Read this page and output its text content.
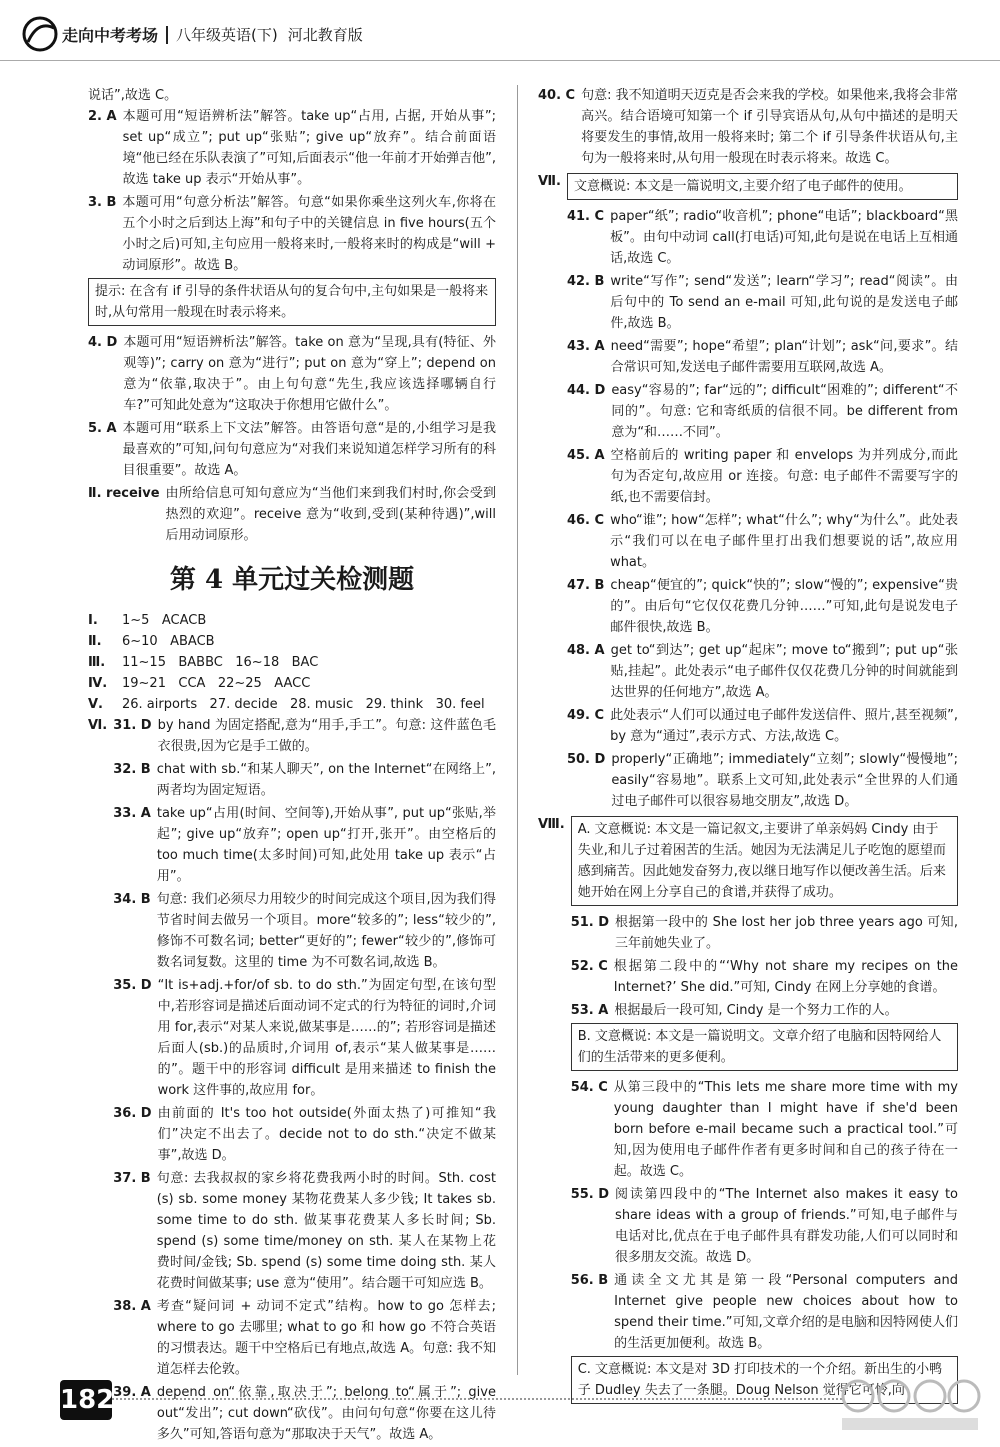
走向中考考场 八年级英语(下) 河北教育版
说话”,故选 C。
2. A 本题可用“短语辨析法”解答。take up“占用, 占据, 开始从事”; set up“成立”; put up“张贴”; give up“放弃”。结合前面语境“他已经在乐队表演了”可知,后面表示“他一年前才开始弹吉他”,故选 take up 表示“开始从事”。
3. B 本题可用“句意分析法”解答。句意“如果你乘坐这列火车,你将在五个小时之后到达上海”和句子中的关键信息 in five hours(五个小时之后)可知,主句应用一般将来时,一般将来时的构成是“will + 动词原形”。故选 B。
提示: 在含有 if 引导的条件状语从句的复合句中,主句如果是一般将来时,从句常用一般现在时表示将来。
4. D 本题可用“短语辨析法”解答。take on 意为“呈现,具有(特征、外观等)”; carry on 意为“进行”; put on 意为“穿上”; depend on 意为“依靠,取决于”。由上句句意“先生,我应该选择哪辆自行车?”可知此处意为“这取决于你想用它做什么”。
5. A 本题可用“联系上下文法”解答。由答语句意“是的,小组学习是我最喜欢的”可知,问句句意应为“对我们来说知道怎样学习所有的科目很重要”。故选 A。
Ⅱ. receive 由所给信息可知句意应为“当他们来到我们村时,你会受到热烈的欢迎”。receive 意为“收到,受到(某种待遇)”,will 后用动词原形。
第 4 单元过关检测题
Ⅰ.	1~5   ACACB
Ⅱ.	6~10   ABACB
Ⅲ.	11~15   BABBC   16~18   BAC
Ⅳ.	19~21   CCA   22~25   AACC
Ⅴ.	26. airports   27. decide   28. music   29. think   30. feel
Ⅵ. 31. D by hand 为固定搭配,意为“用手,手工”。句意: 这件蓝色毛衣很贵,因为它是手工做的。
32. B chat with sb.“和某人聊天”, on the Internet“在网络上”,两者均为固定短语。
33. A take up“占用(时间、空间等),开始从事”, put up“张贴,举起”; give up“放弃”; open up“打开,张开”。由空格后的 too much time(太多时间)可知,此处用 take up 表示“占用”。
34. B 句意: 我们必须尽力用较少的时间完成这个项目,因为我们得节省时间去做另一个项目。more“较多的”; less“较少的”,修饰不可数名词; better“更好的”; fewer“较少的”,修饰可数名词复数。这里的 time 为不可数名词,故选 B。
35. D “It is+adj.+for/of sb. to do sth.”为固定句型,在该句型中,若形容词是描述后面动词不定式的行为特征的词时,介词用 for,表示“对某人来说,做某事是……的”; 若形容词是描述后面人(sb.)的品质时,介词用 of,表示“某人做某事是……的”。题干中的形容词 difficult 是用来描述 to finish the work 这件事的,故应用 for。
36. D 由前面的 It's too hot outside(外面太热了)可推知“我们”决定不出去了。decide not to do sth.“决定不做某事”,故选 D。
37. B 句意: 去我叔叔的家乡将花费我两小时的时间。Sth. cost (s) sb. some money 某物花费某人多少钱; It takes sb. some time to do sth. 做某事花费某人多长时间; Sb. spend (s) some time/money on sth. 某人在某物上花费时间/金钱; Sb. spend (s) some time doing sth. 某人花费时间做某事; use 意为“使用”。结合题干可知应选 B。
38. A 考查“疑问词 + 动词不定式”结构。how to go 怎样去; where to go 去哪里; what to go 和 how go 不符合英语的习惯表达。题干中空格后已有地点,故选 A。句意: 我不知道怎样去伦敦。
39. A depend on“依靠,取决于”; belong to“属于”; give out“发出”; cut down“砍伐”。由问句句意“你要在这儿待多久”可知,答语句意为“那取决于天气”。故选 A。
40. C 句意: 我不知道明天迈克是否会来我的学校。如果他来,我将会非常高兴。结合语境可知第一个 if 引导宾语从句,从句中描述的是明天将要发生的事情,故用一般将来时; 第二个 if 引导条件状语从句,主句为一般将来时,从句用一般现在时表示将来。故选 C。
Ⅶ.	文意概说: 本文是一篇说明文,主要介绍了电子邮件的使用。
41. C paper“纸”; radio“收音机”; phone“电话”; blackboard“黑板”。由句中动词 call(打电话)可知,此句是说在电话上互相通话,故选 C。
42. B write“写作”; send“发送”; learn“学习”; read“阅读”。由后句中的 To send an e-mail 可知,此句说的是发送电子邮件,故选 B。
43. A need“需要”; hope“希望”; plan“计划”; ask“问,要求”。结合常识可知,发送电子邮件需要用互联网,故选 A。
44. D easy“容易的”; far“远的”; difficult“困难的”; different“不同的”。句意: 它和寄纸质的信很不同。be different from 意为“和……不同”。
45. A 空格前后的 writing paper 和 envelops 为并列成分,而此句为否定句,故应用 or 连接。句意: 电子邮件不需要写字的纸,也不需要信封。
46. C who“谁”; how“怎样”; what“什么”; why“为什么”。此处表示“我们可以在电子邮件里打出我们想要说的话”,故应用 what。
47. B cheap“便宜的”; quick“快的”; slow“慢的”; expensive“贵的”。由后句“它仅仅花费几分钟……”可知,此句是说发电子邮件很快,故选 B。
48. A get to“到达”; get up“起床”; move to“搬到”; put up“张贴,挂起”。此处表示“电子邮件仅仅花费几分钟的时间就能到达世界的任何地方”,故选 A。
49. C 此处表示“人们可以通过电子邮件发送信件、照片,甚至视频”, by 意为“通过”,表示方式、方法,故选 C。
50. D properly“正确地”; immediately“立刻”; slowly“慢慢地”; easily“容易地”。联系上文可知,此处表示“全世界的人们通过电子邮件可以很容易地交朋友”,故选 D。
Ⅷ.	A. 文意概说: 本文是一篇记叙文,主要讲了单亲妈妈 Cindy 由于失业,和儿子过着困苦的生活。她因为无法满足儿子吃饱的愿望而感到痛苦。因此她发奋努力,夜以继日地写作以便改善生活。后来她开始在网上分享自己的食谱,并获得了成功。
51. D 根据第一段中的 She lost her job three years ago 可知,三年前她失业了。
52. C 根据第二段中的“‘Why not share my recipes on the Internet?’ She did.”可知, Cindy 在网上分享她的食谱。
53. A 根据最后一段可知, Cindy 是一个努力工作的人。
B. 文意概说: 本文是一篇说明文。文章介绍了电脑和因特网给人们的生活带来的更多便利。
54. C 从第三段中的“This lets me share more time with my young daughter than I might have if she'd been born before e-mail became such a practical tool.”可知,因为使用电子邮件作者有更多时间和自己的孩子待在一起。故选 C。
55. D 阅读第四段中的“The Internet also makes it easy to share ideas with a group of friends.”可知,电子邮件与电话对比,优点在于电子邮件具有群发功能,人们可以同时和很多朋友交流。故选 D。
56. B 通读全文尤其是第一段“Personal computers and Internet give people new choices about how to spend their time.”可知,文章介绍的是电脑和因特网使人们的生活更加便利。故选 B。
C. 文意概说: 本文是对 3D 打印技术的一个介绍。新出生的小鸭子 Dudley 失去了一条腿。Doug Nelson 觉得它可怜,向
182
